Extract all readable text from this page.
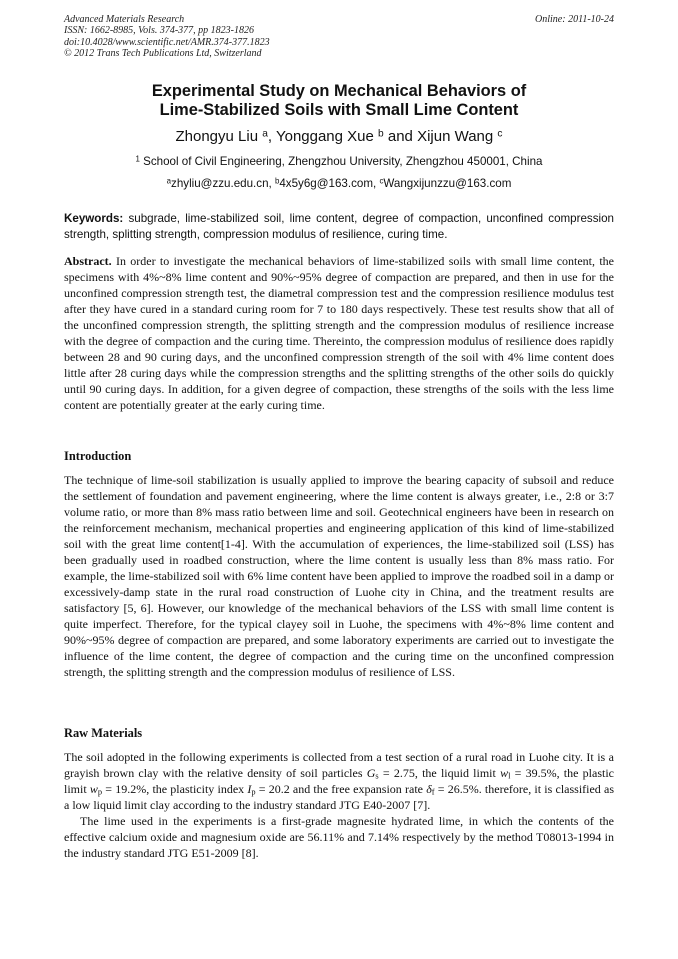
Advanced Materials Research
ISSN: 1662-8985, Vols. 374-377, pp 1823-1826
doi:10.4028/www.scientific.net/AMR.374-377.1823
© 2012 Trans Tech Publications Ltd, Switzerland
Online: 2011-10-24
Experimental Study on Mechanical Behaviors of
Lime-Stabilized Soils with Small Lime Content
Zhongyu Liu $^a$, Yonggang Xue $^b$ and Xijun Wang $^c$
$^1$ School of Civil Engineering, Zhengzhou University, Zhengzhou 450001, China
$^a$zhyliu@zzu.edu.cn, $^b$4x5y6g@163.com, $^c$Wangxijunzzu@163.com
Keywords: subgrade, lime-stabilized soil, lime content, degree of compaction, unconfined compression strength, splitting strength, compression modulus of resilience, curing time.

Abstract. In order to investigate the mechanical behaviors of lime-stabilized soils with small lime content, the specimens with 4%~8% lime content and 90%~95% degree of compaction are prepared, and then in use for the unconfined compression strength test, the diametral compression test and the compression resilience modulus test after they have cured in a standard curing room for 7 to 180 days respectively. These test results show that all of the unconfined compression strength, the splitting strength and the compression modulus of resilience increase with the degree of compaction and the curing time. Thereinto, the compression modulus of resilience does rapidly between 28 and 90 curing days, and the unconfined compression strength of the soil with 4% lime content does little after 28 curing days while the compression strengths and the splitting strengths of the other soils do quickly until 90 curing days. In addition, for a given degree of compaction, these strengths of the soils with the less lime content are potentially greater at the early curing time.

Introduction

The technique of lime-soil stabilization is usually applied to improve the bearing capacity of subsoil and reduce the settlement of foundation and pavement engineering, where the lime content is always greater, i.e., 2:8 or 3:7 volume ratio, or more than 8% mass ratio between lime and soil. Geotechnical engineers have been in research on the reinforcement mechanism, mechanical properties and engineering application of this kind of lime-stabilized soil with the great lime content[1-4]. With the accumulation of experiences, the lime-stabilized soil (LSS) has been gradually used in roadbed construction, where the lime content is usually less than 8% mass ratio. For example, the lime-stabilized soil with 6% lime content have been applied to improve the roadbed soil in a damp or excessively-damp state in the rural road construction of Luohe city in China, and the treatment results are satisfactory [5, 6]. However, our knowledge of the mechanical behaviors of the LSS with small lime content is quite imperfect. Therefore, for the typical clayey soil in Luohe, the specimens with 4%~8% lime content and 90%~95% degree of compaction are prepared, and some laboratory experiments are carried out to investigate the influence of the lime content, the degree of compaction and the curing time on the unconfined compression strength, the splitting strength and the compression modulus of resilience of LSS.

Raw Materials

The soil adopted in the following experiments is collected from a test section of a rural road in Luohe city. It is a grayish brown clay with the relative density of soil particles $G_s = 2.75$, the liquid limit $w_l = 39.5\%$, the plastic limit $w_p = 19.2\%$, the plasticity index $I_p = 20.2$ and the free expansion rate $\delta_f = 26.5\%$. therefore, it is classified as a low liquid limit clay according to the industry standard JTG E40-2007 [7].

The lime used in the experiments is a first-grade magnesite hydrated lime, in which the contents of the effective calcium oxide and magnesium oxide are 56.11% and 7.14% respectively by the method T08013-1994 in the industry standard JTG E51-2009 [8].
